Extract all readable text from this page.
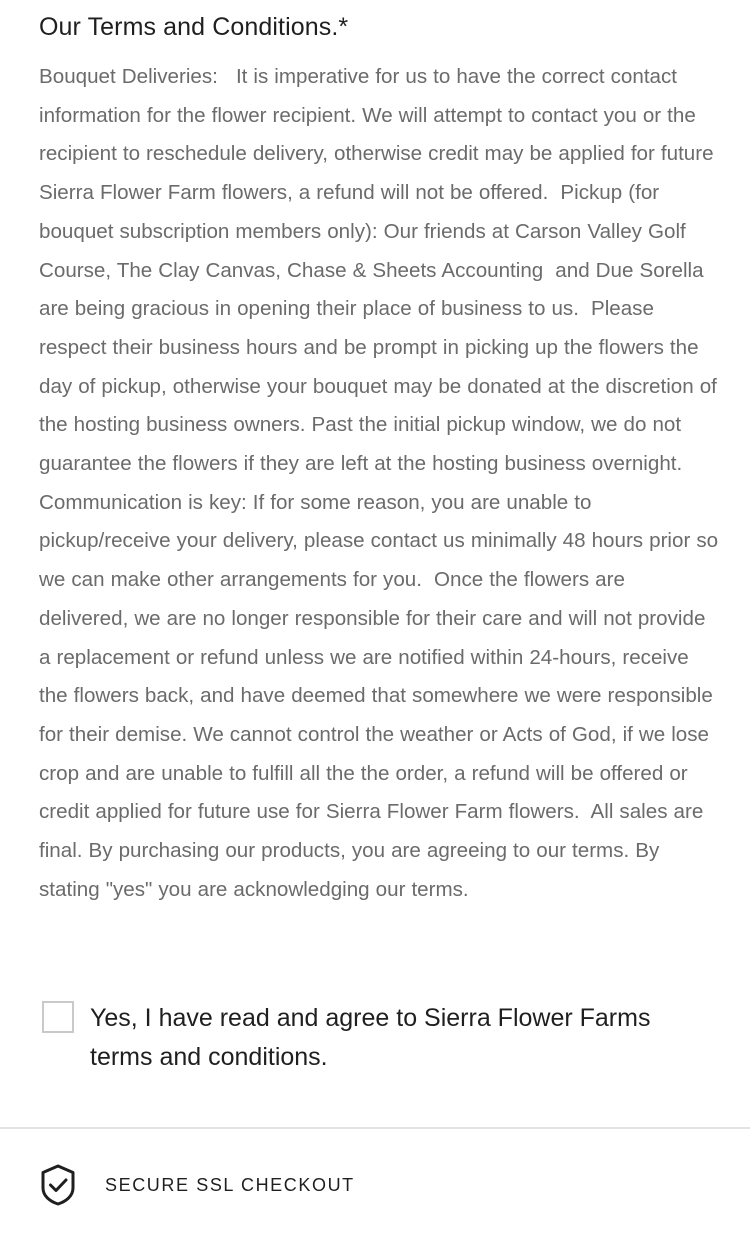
Our Terms and Conditions.*

Bouquet Deliveries:   It is imperative for us to have the correct contact information for the flower recipient. We will attempt to contact you or the recipient to reschedule delivery, otherwise credit may be applied for future Sierra Flower Farm flowers, a refund will not be offered.  Pickup (for bouquet subscription members only): Our friends at Carson Valley Golf Course, The Clay Canvas, Chase & Sheets Accounting  and Due Sorella are being gracious in opening their place of business to us.  Please respect their business hours and be prompt in picking up the flowers the day of pickup, otherwise your bouquet may be donated at the discretion of the hosting business owners. Past the initial pickup window, we do not guarantee the flowers if they are left at the hosting business overnight. Communication is key: If for some reason, you are unable to pickup/receive your delivery, please contact us minimally 48 hours prior so we can make other arrangements for you.  Once the flowers are delivered, we are no longer responsible for their care and will not provide a replacement or refund unless we are notified within 24-hours, receive the flowers back, and have deemed that somewhere we were responsible for their demise. We cannot control the weather or Acts of God, if we lose crop and are unable to fulfill all the the order, a refund will be offered or credit applied for future use for Sierra Flower Farm flowers.  All sales are final. By purchasing our products, you are agreeing to our terms. By stating "yes" you are acknowledging our terms.

Yes, I have read and agree to Sierra Flower Farms terms and conditions.
SECURE SSL CHECKOUT
